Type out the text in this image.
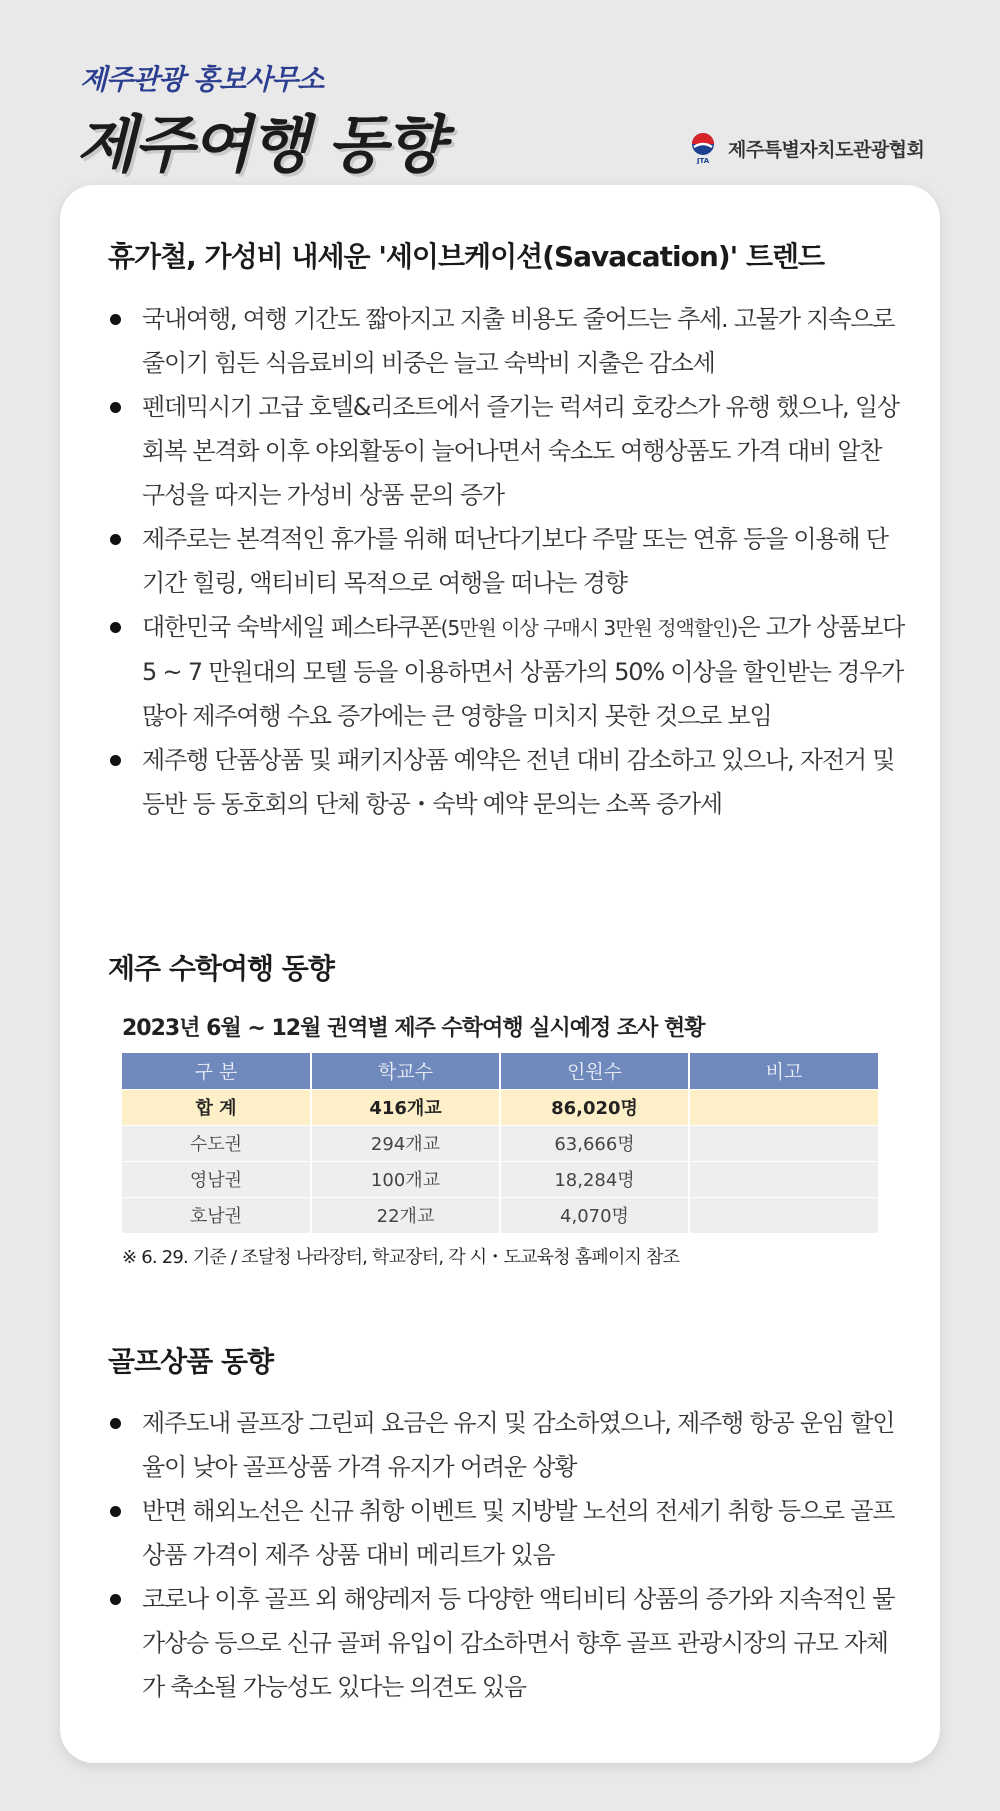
제주관광 홍보사무소
제주여행 동향	JTA
제주특별자치도관광협회
휴가철, 가성비 내세운 '세이브케이션(Savacation)' 트렌드
국내여행, 여행 기간도 짧아지고 지출 비용도 줄어드는 추세. 고물가 지속으로 줄이기 힘든 식음료비의 비중은 늘고 숙박비 지출은 감소세
펜데믹시기 고급 호텔&리조트에서 즐기는 럭셔리 호캉스가 유행 했으나, 일상 회복 본격화 이후 야외활동이 늘어나면서 숙소도 여행상품도 가격 대비 알찬 구성을 따지는 가성비 상품 문의 증가
제주로는 본격적인 휴가를 위해 떠난다기보다 주말 또는 연휴 등을 이용해 단기간 힐링, 액티비티 목적으로 여행을 떠나는 경향
대한민국 숙박세일 페스타쿠폰(5만원 이상 구매시 3만원 정액할인)은 고가 상품보다 5 ~ 7 만원대의 모텔 등을 이용하면서 상품가의 50% 이상을 할인받는 경우가 많아 제주여행 수요 증가에는 큰 영향을 미치지 못한 것으로 보임
제주행 단품상품 및 패키지상품 예약은 전년 대비 감소하고 있으나, 자전거 및 등반 등 동호회의 단체 항공・숙박 예약 문의는 소폭 증가세
제주 수학여행 동향
2023년 6월 ~ 12월 권역별 제주 수학여행 실시예정 조사 현황
구 분	학교수	인원수	비고
합 계	416개교	86,020명	
수도권	294개교	63,666명	
영남권	100개교	18,284명	
호남권	22개교	4,070명	
※ 6. 29. 기준 / 조달청 나라장터, 학교장터, 각 시・도교육청 홈페이지 참조
골프상품 동향
제주도내 골프장 그린피 요금은 유지 및 감소하였으나, 제주행 항공 운임 할인율이 낮아 골프상품 가격 유지가 어려운 상황
반면 해외노선은 신규 취항 이벤트 및 지방발 노선의 전세기 취항 등으로 골프상품 가격이 제주 상품 대비 메리트가 있음
코로나 이후 골프 외 해양레저 등 다양한 액티비티 상품의 증가와 지속적인 물가상승 등으로 신규 골퍼 유입이 감소하면서 향후 골프 관광시장의 규모 자체가 축소될 가능성도 있다는 의견도 있음
